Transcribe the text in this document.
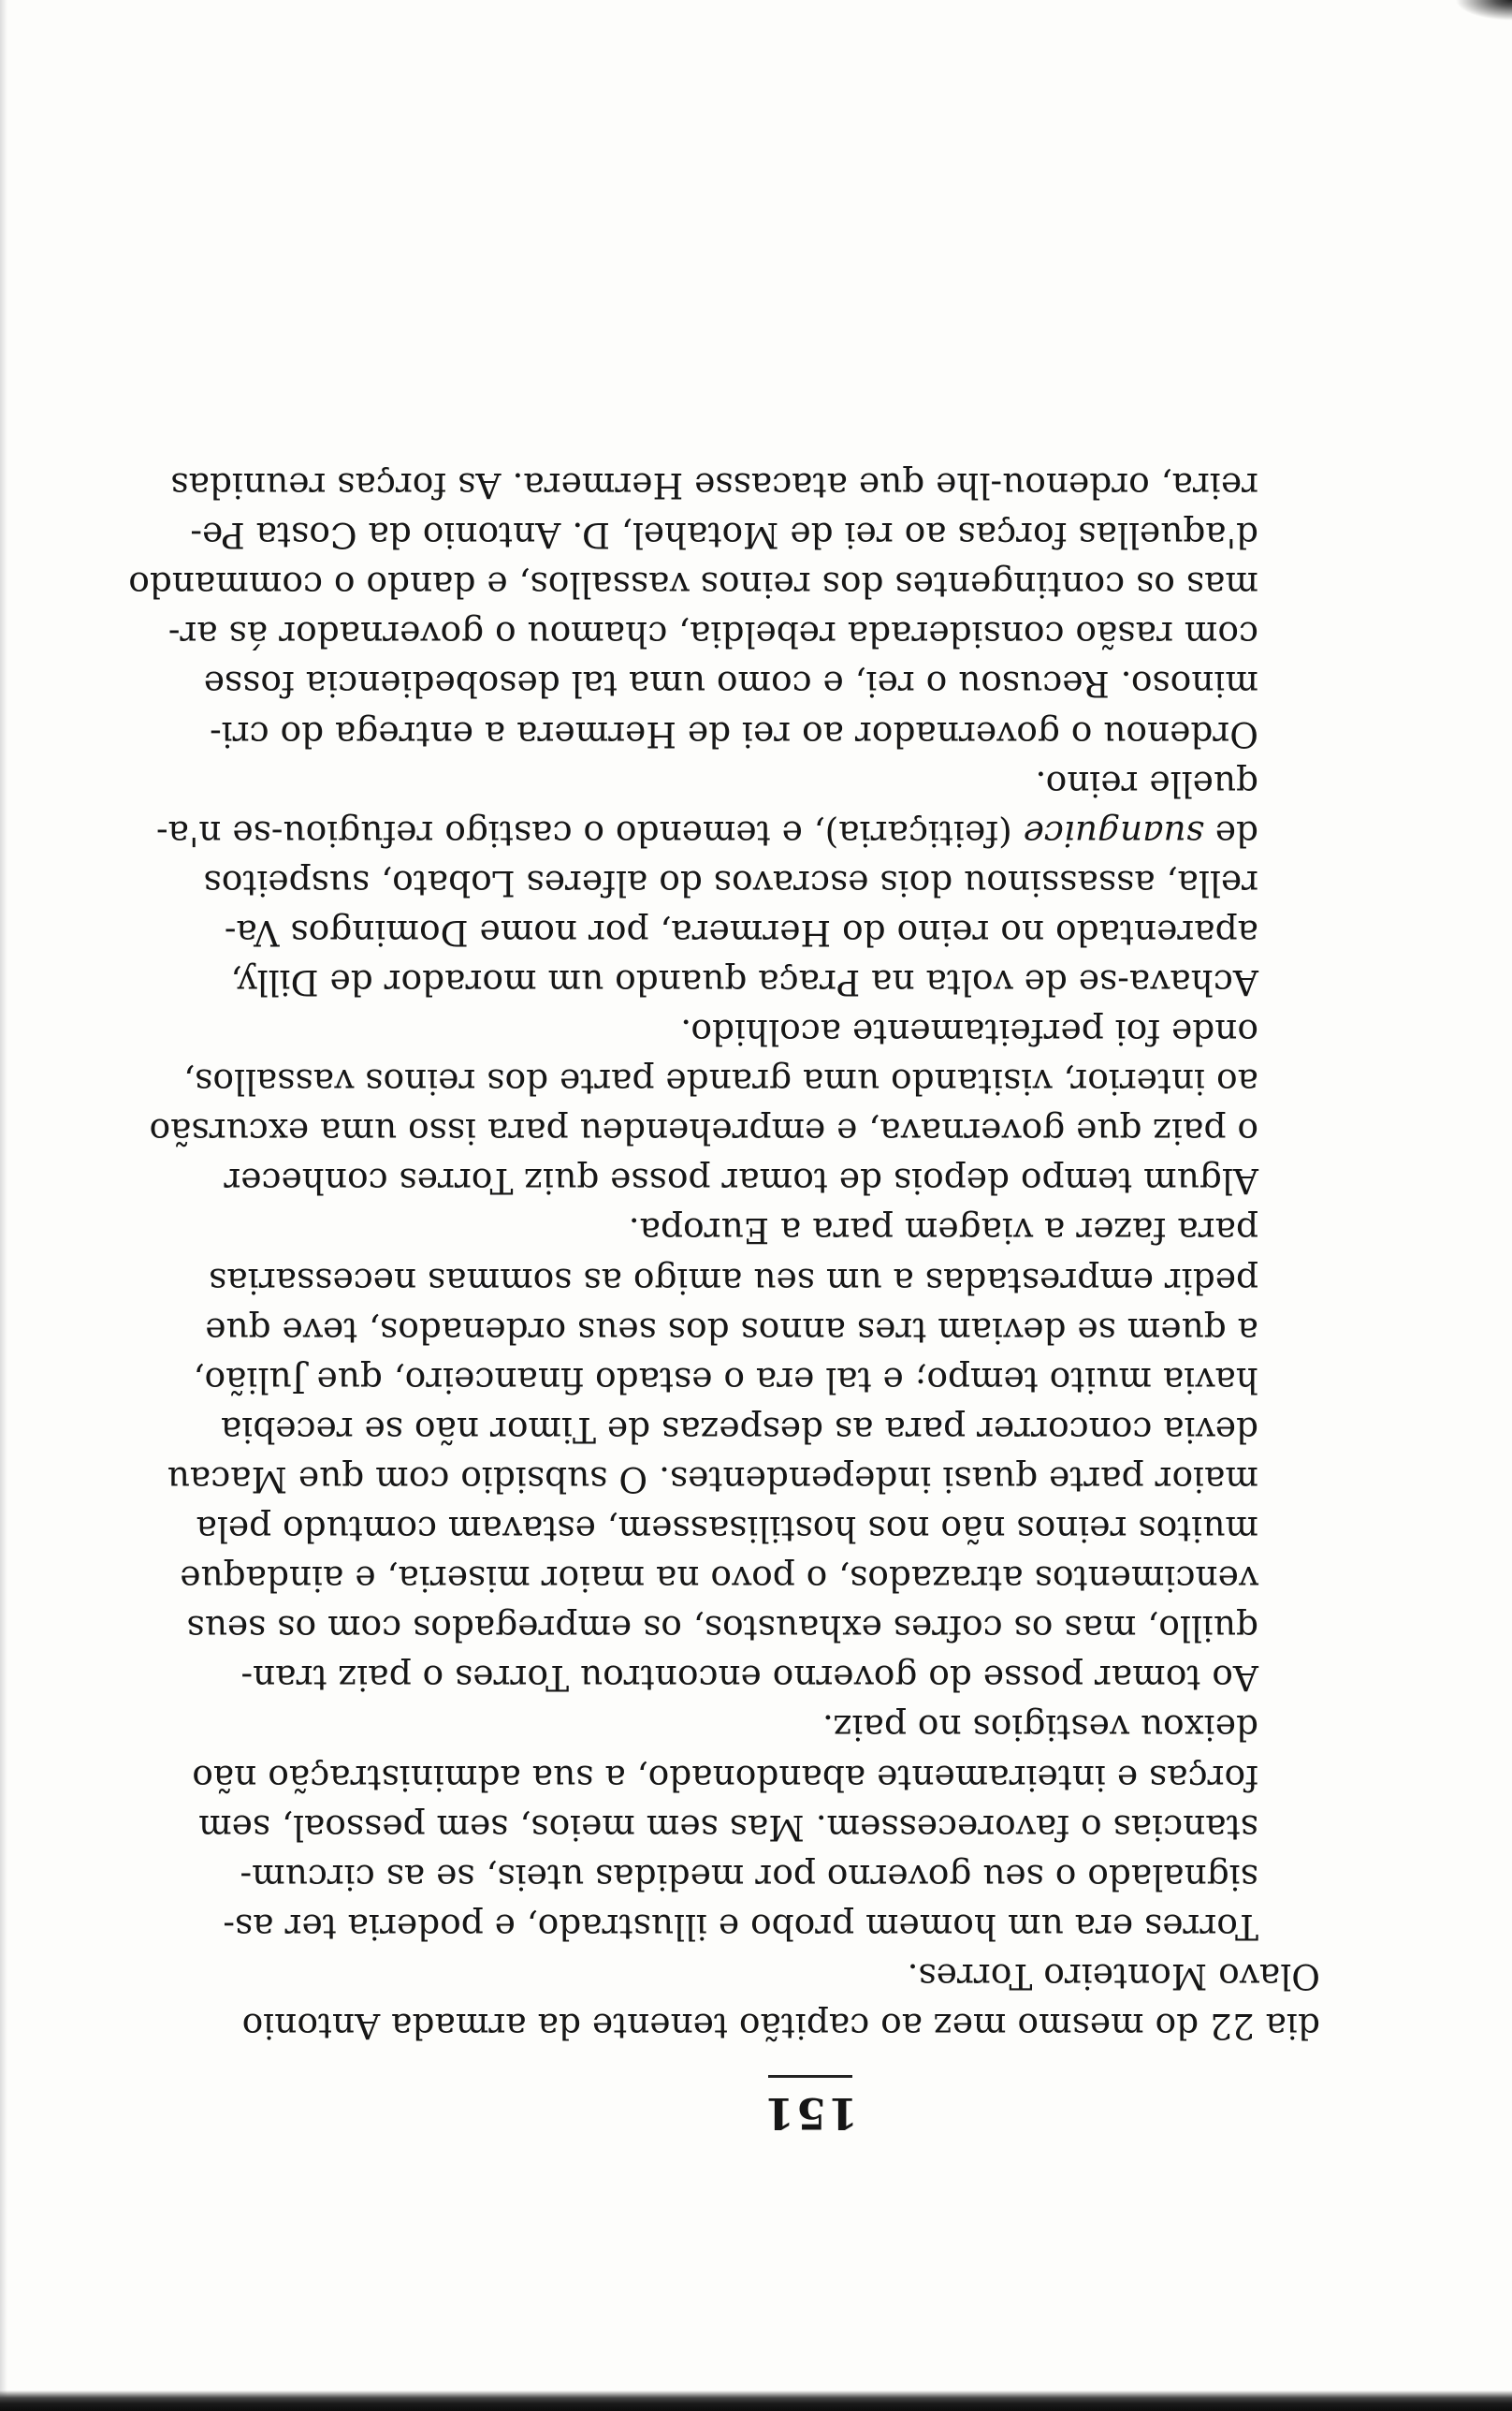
151
dia 22 do mesmo mez ao capitão tenente da armada Antonio
Olavo Monteiro Torres.
Torres era um homem probo e illustrado, e poderia ter as-
signalado o seu governo por medidas uteis, se as circum-
stancias o favorecessem. Mas sem meios, sem pessoal, sem
forças e inteiramente abandonado, a sua administração não
deixou vestigios no paiz.
Ao tomar posse do governo encontrou Torres o paiz tran-
quillo, mas os cofres exhaustos, os empregados com os seus
vencimentos atrazados, o povo na maior miseria, e aindaque
muitos reinos não nos hostilisassem, estavam comtudo pela
maior parte quasi independentes. O subsidio com que Macau
devia concorrer para as despezas de Timor não se recebia
havia muito tempo; e tal era o estado financeiro, que Julião,
a quem se deviam tres annos dos seus ordenados, teve que
pedir emprestadas a um seu amigo as sommas necessarias
para fazer a viagem para a Europa.
Algum tempo depois de tomar posse quiz Torres conhecer
o paiz que governava, e emprehendeu para isso uma excursão
ao interior, visitando uma grande parte dos reinos vassallos,
onde foi perfeitamente acolhido.
Achava-se de volta na Praça quando um morador de Dilly,
aparentado no reino do Hermera, por nome Domingos Va-
rella, assassinou dois escravos do alferes Lobato, suspeitos
de suanguice (feitiçaria), e temendo o castigo refugiou-se n'a-
quelle reino.
Ordenou o governador ao rei de Hermera a entrega do cri-
minoso. Recusou o rei, e como uma tal desobediencia fosse
com rasão considerada rebeldia, chamou o governador ás ar-
mas os contingentes dos reinos vassallos, e dando o commando
d'aquellas forças ao rei de Motahel, D. Antonio da Costa Pe-
reira, ordenou-lhe que atacasse Hermera. As forças reunidas
